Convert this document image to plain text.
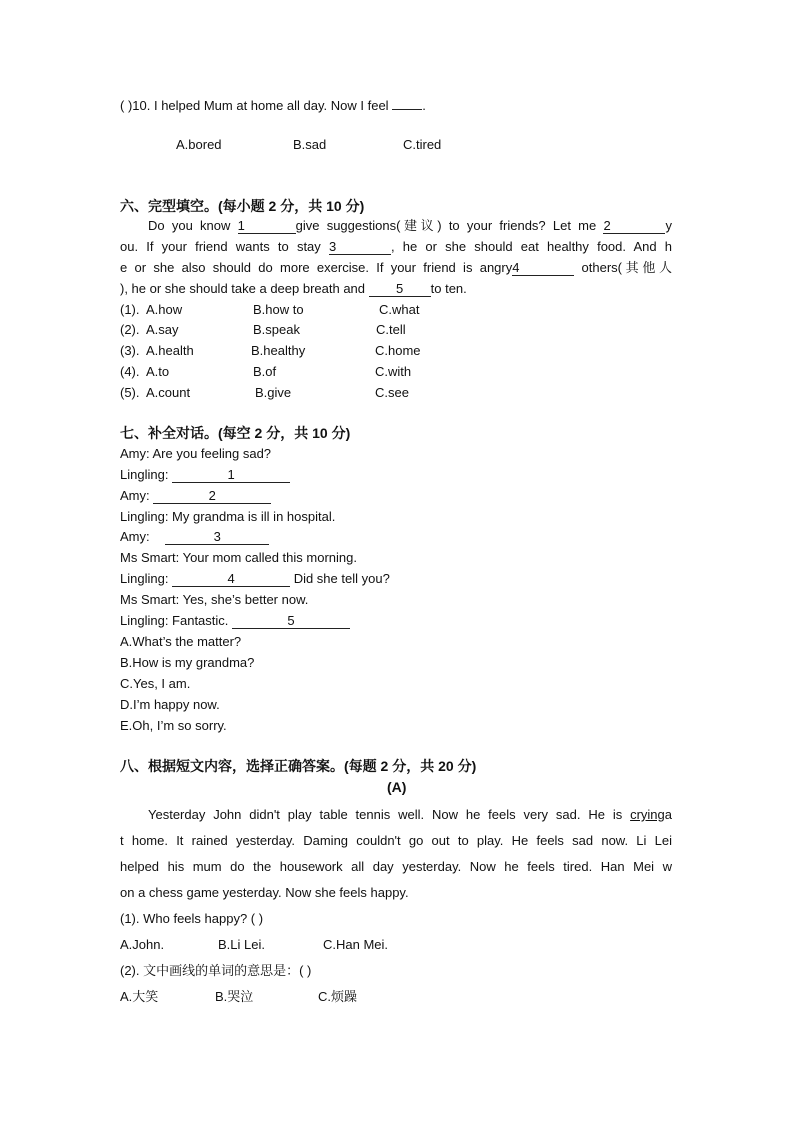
( )10. I helped Mum at home all day. Now I feel	.
A.bored	B.sad	C.tired
六、完型填空。(每小题 2 分，共 10 分)
Do you know 1	give suggestions(建议) to your friends? Let me 2	y
ou. If your friend wants to stay 3	, he or she should eat healthy food. And h
e or she also should do more exercise. If your friend is angry4	others(其他人
), he or she should take a deep breath and 5 to ten.
(1). A.how	B.how to	C.what
(2). A.say	B.speak	C.tell
(3). A.health	B.healthy	C.home
(4). A.to	B.of	C.with
(5). A.count	B.give	C.see
七、补全对话。(每空 2 分，共 10 分)
Amy: Are you feeling sad?
Lingling:	1
Amy:	2
Lingling: My grandma is ill in hospital.
Amy:	3
Ms Smart: Your mom called this morning.
Lingling:	4	Did she tell you?
Ms Smart: Yes, she’s better now.
Lingling: Fantastic.	5
A.What’s the matter?
B.How is my grandma?
C.Yes, I am.
D.I’m happy now.
E.Oh, I’m so sorry.
八、根据短文内容，选择正确答案。(每题 2 分，共 20 分)
(A)
Yesterday John didn't play table tennis well. Now he feels very sad. He is cryinga
t home. It rained yesterday. Daming couldn't go out to play. He feels sad now. Li Lei
helped his mum do the housework all day yesterday. Now he feels tired. Han Mei w
on a chess game yesterday. Now she feels happy.
(1). Who feels happy? ( )
A.John.	B.Li Lei.	C.Han Mei.
(2). 文中画线的单词的意思是：( )
A.大笑	B.哭泣	C.烦躁
